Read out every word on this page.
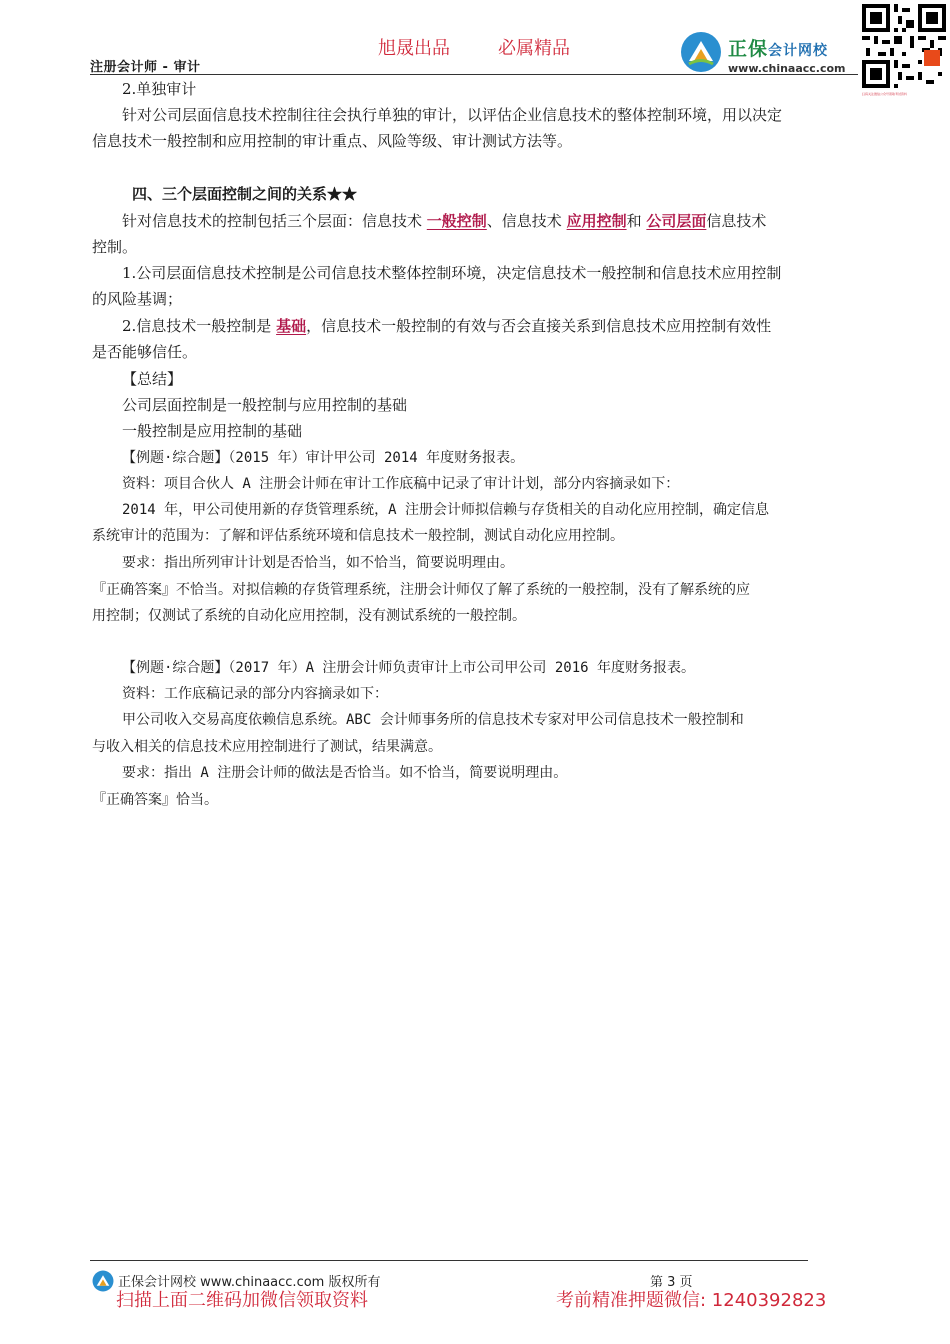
旭晟出品	必属精品
注册会计师 - 审计
正保会计网校
www.chinaacc.com
扫码关注微信公众号领取考试资料
2.单独审计
针对公司层面信息技术控制往往会执行单独的审计，以评估企业信息技术的整体控制环境，用以决定
信息技术一般控制和应用控制的审计重点、风险等级、审计测试方法等。
四、三个层面控制之间的关系★★
针对信息技术的控制包括三个层面：信息技术 一般控制、信息技术 应用控制和 公司层面信息技术
控制。
1.公司层面信息技术控制是公司信息技术整体控制环境，决定信息技术一般控制和信息技术应用控制
的风险基调；
2.信息技术一般控制是 基础，信息技术一般控制的有效与否会直接关系到信息技术应用控制有效性
是否能够信任。
【总结】
公司层面控制是一般控制与应用控制的基础
一般控制是应用控制的基础
【例题·综合题】（2015 年）审计甲公司 2014 年度财务报表。
资料：项目合伙人 A 注册会计师在审计工作底稿中记录了审计计划，部分内容摘录如下：
2014 年，甲公司使用新的存货管理系统，A 注册会计师拟信赖与存货相关的自动化应用控制，确定信息
系统审计的范围为：了解和评估系统环境和信息技术一般控制，测试自动化应用控制。
要求：指出所列审计计划是否恰当，如不恰当，简要说明理由。
『正确答案』不恰当。对拟信赖的存货管理系统，注册会计师仅了解了系统的一般控制，没有了解系统的应
用控制；仅测试了系统的自动化应用控制，没有测试系统的一般控制。
【例题·综合题】（2017 年）A 注册会计师负责审计上市公司甲公司 2016 年度财务报表。
资料：工作底稿记录的部分内容摘录如下：
甲公司收入交易高度依赖信息系统。ABC 会计师事务所的信息技术专家对甲公司信息技术一般控制和
与收入相关的信息技术应用控制进行了测试，结果满意。
要求：指出 A 注册会计师的做法是否恰当。如不恰当，简要说明理由。
『正确答案』恰当。
正保会计网校 www.chinaacc.com 版权所有	第 3 页
扫描上面二维码加微信领取资料	考前精准押题微信: 1240392823
